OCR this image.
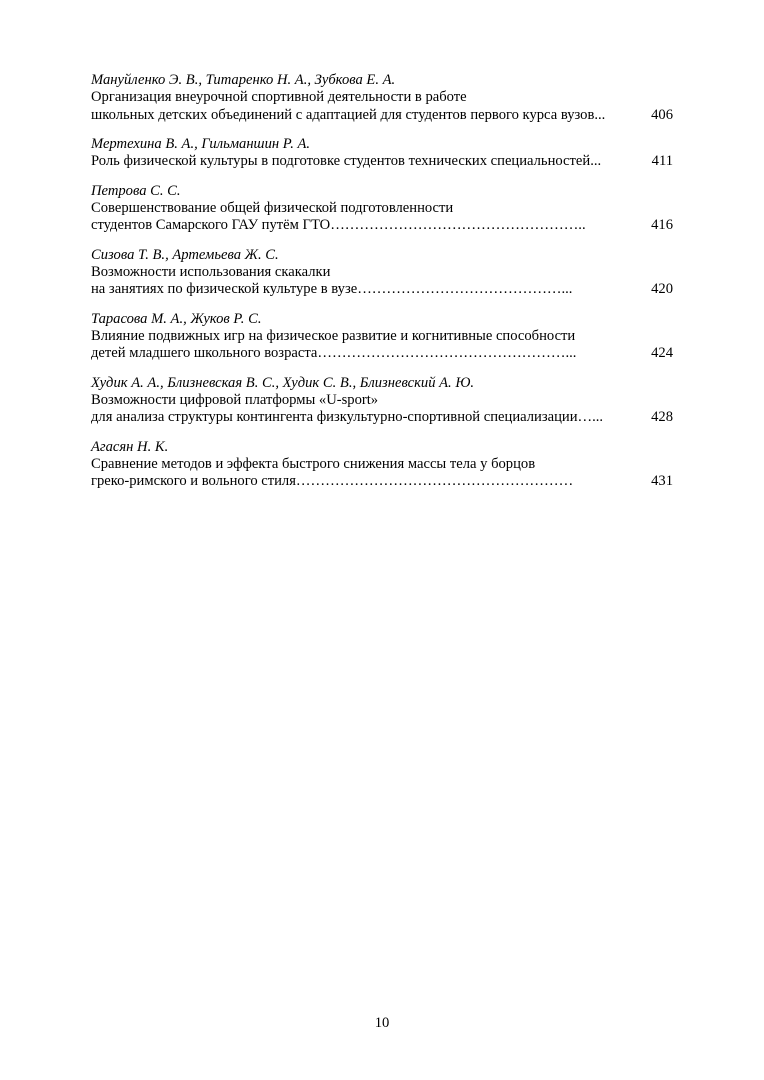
Мануйленко Э. В., Титаренко Н. А., Зубкова Е. А.
Организация внеурочной спортивной деятельности в работе
школьных детских объединений с адаптацией для студентов первого курса вузов...	406
Мертехина В. А., Гильманшин Р. А.
Роль физической культуры в подготовке студентов технических специальностей...	411
Петрова С. С.
Совершенствование общей физической подготовленности
студентов Самарского ГАУ путём ГТО……………………………………………..	416
Сизова Т. В., Артемьева Ж. С.
Возможности использования скакалки
на занятиях по физической культуре в вузе……………………………………...	420
Тарасова М. А., Жуков Р. С.
Влияние подвижных игр на физическое развитие и когнитивные способности
детей младшего школьного возраста……………………………………………...	424
Худик А. А., Близневская В. С., Худик С. В., Близневский А. Ю.
Возможности цифровой платформы «U-sport»
для анализа структуры контингента физкультурно-спортивной специализации…...	428
Агасян Н. К.
Сравнение методов и эффекта быстрого снижения массы тела у борцов
греко-римского и вольного стиля…………………………………………………	431
10
